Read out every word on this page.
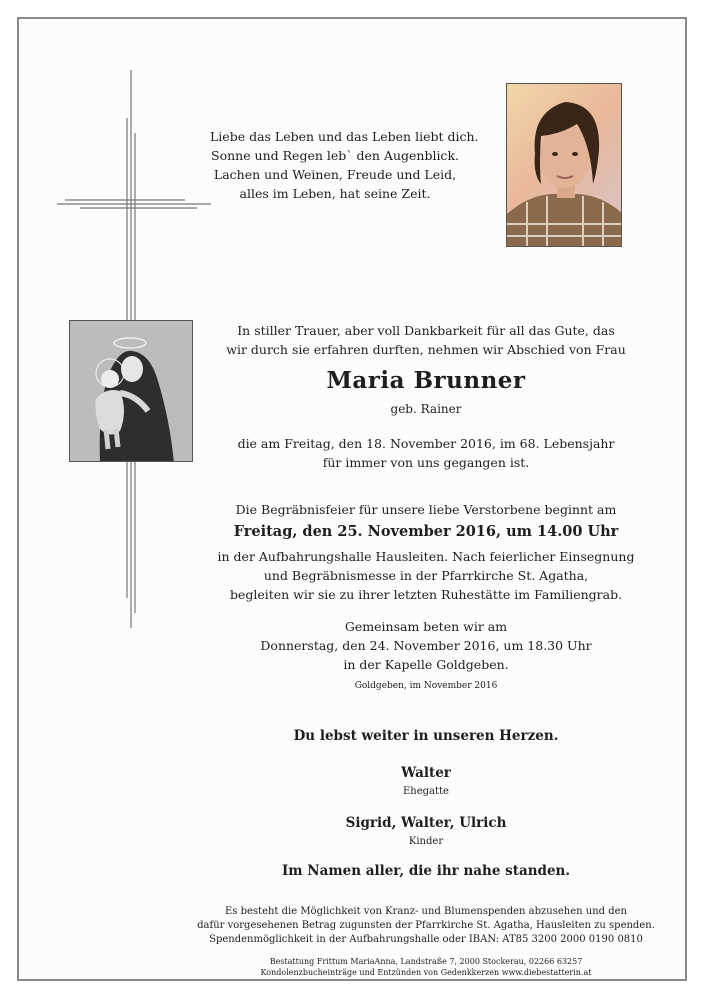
Liebe das Leben und das Leben liebt dich.
Sonne und Regen leb` den Augenblick.
Lachen und Weinen, Freude und Leid,
alles im Leben, hat seine Zeit.
In stiller Trauer, aber voll Dankbarkeit für all das Gute, das
wir durch sie erfahren durften, nehmen wir Abschied von Frau
Maria Brunner
geb. Rainer
die am Freitag, den 18. November 2016, im 68. Lebensjahr
für immer von uns gegangen ist.
Die Begräbnisfeier für unsere liebe Verstorbene beginnt am
Freitag, den 25. November 2016, um 14.00 Uhr
in der Aufbahrungshalle Hausleiten. Nach feierlicher Einsegnung
und Begräbnismesse in der Pfarrkirche St. Agatha,
begleiten wir sie zu ihrer letzten Ruhestätte im Familiengrab.
Gemeinsam beten wir am
Donnerstag, den 24. November 2016, um 18.30 Uhr
in der Kapelle Goldgeben.
Goldgeben, im November 2016
Du lebst weiter in unseren Herzen.
Walter
Ehegatte
Sigrid, Walter, Ulrich
Kinder
Im Namen aller, die ihr nahe standen.
Es besteht die Möglichkeit von Kranz- und Blumenspenden abzusehen und den
dafür vorgesehenen Betrag zugunsten der Pfarrkirche St. Agatha, Hausleiten zu spenden.
Spendenmöglichkeit in der Aufbahrungshalle oder IBAN: AT85 3200 2000 0190 0810
Bestattung Frittum MariaAnna, Landstraße 7, 2000 Stockerau, 02266 63257
Kondolenzbucheinträge und Entzünden von Gedenkkerzen www.diebestatterin.at
